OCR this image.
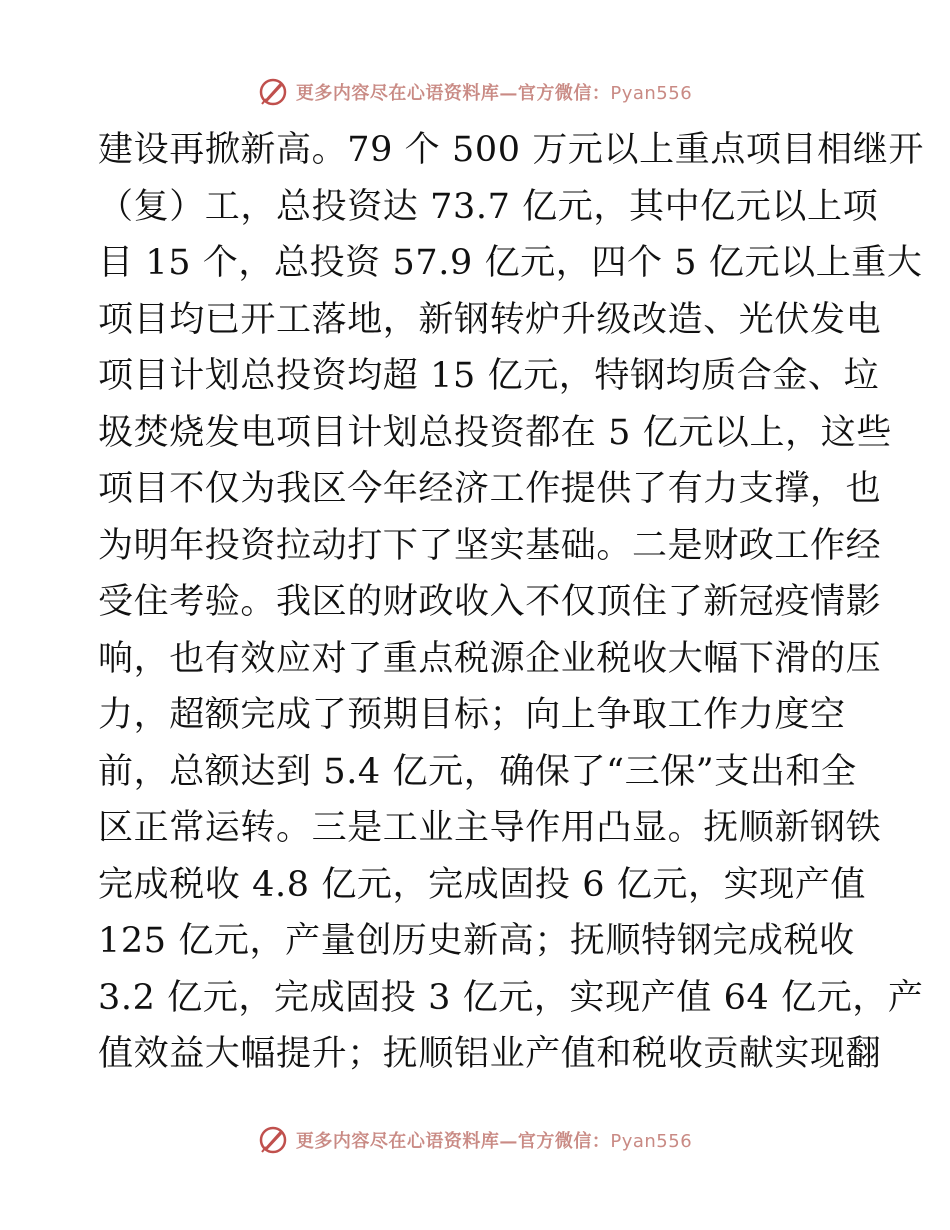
更多内容尽在心语资料库—官方微信：Pyan556
建设再掀新高。79 个 500 万元以上重点项目相继开
（复）工，总投资达 73.7 亿元，其中亿元以上项
目 15 个，总投资 57.9 亿元，四个 5 亿元以上重大
项目均已开工落地，新钢转炉升级改造、光伏发电
项目计划总投资均超 15 亿元，特钢均质合金、垃
圾焚烧发电项目计划总投资都在 5 亿元以上，这些
项目不仅为我区今年经济工作提供了有力支撑，也
为明年投资拉动打下了坚实基础。二是财政工作经
受住考验。我区的财政收入不仅顶住了新冠疫情影
响，也有效应对了重点税源企业税收大幅下滑的压
力，超额完成了预期目标；向上争取工作力度空
前，总额达到 5.4 亿元，确保了“三保”支出和全
区正常运转。三是工业主导作用凸显。抚顺新钢铁
完成税收 4.8 亿元，完成固投 6 亿元，实现产值
125 亿元，产量创历史新高；抚顺特钢完成税收
3.2 亿元，完成固投 3 亿元，实现产值 64 亿元，产
值效益大幅提升；抚顺铝业产值和税收贡献实现翻
更多内容尽在心语资料库—官方微信：Pyan556
